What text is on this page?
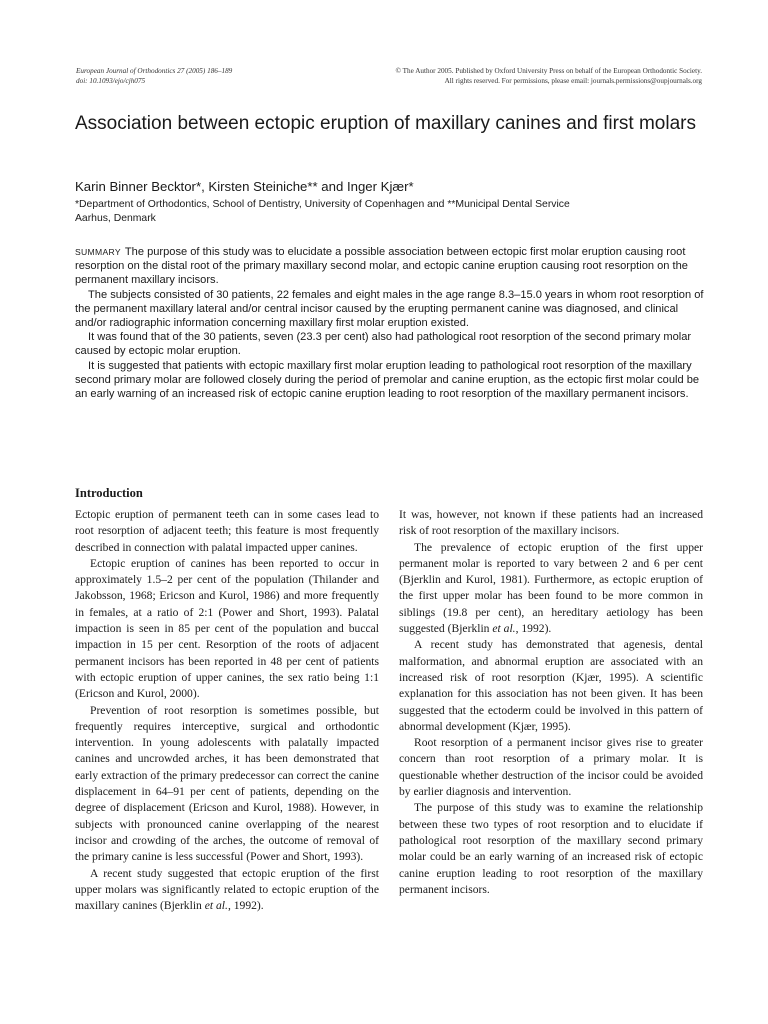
European Journal of Orthodontics 27 (2005) 186–189
doi: 10.1093/ejo/cjh075
© The Author 2005. Published by Oxford University Press on behalf of the European Orthodontic Society.
All rights reserved. For permissions, please email: journals.permissions@oupjournals.org
Association between ectopic eruption of maxillary canines and first molars

Karin Binner Becktor*, Kirsten Steiniche** and Inger Kjær*

*Department of Orthodontics, School of Dentistry, University of Copenhagen and **Municipal Dental Service
Aarhus, Denmark

SUMMARY The purpose of this study was to elucidate a possible association between ectopic first molar eruption causing root resorption on the distal root of the primary maxillary second molar, and ectopic canine eruption causing root resorption on the permanent maxillary incisors.

The subjects consisted of 30 patients, 22 females and eight males in the age range 8.3–15.0 years in whom root resorption of the permanent maxillary lateral and/or central incisor caused by the erupting permanent canine was diagnosed, and clinical and/or radiographic information concerning maxillary first molar eruption existed.

It was found that of the 30 patients, seven (23.3 per cent) also had pathological root resorption of the second primary molar caused by ectopic molar eruption.

It is suggested that patients with ectopic maxillary first molar eruption leading to pathological root resorption of the maxillary second primary molar are followed closely during the period of premolar and canine eruption, as the ectopic first molar could be an early warning of an increased risk of ectopic canine eruption leading to root resorption of the maxillary permanent incisors.

Introduction

Ectopic eruption of permanent teeth can in some cases lead to root resorption of adjacent teeth; this feature is most frequently described in connection with palatal impacted upper canines.

Ectopic eruption of canines has been reported to occur in approximately 1.5–2 per cent of the population (Thilander and Jakobsson, 1968; Ericson and Kurol, 1986) and more frequently in females, at a ratio of 2:1 (Power and Short, 1993). Palatal impaction is seen in 85 per cent of the population and buccal impaction in 15 per cent. Resorption of the roots of adjacent permanent incisors has been reported in 48 per cent of patients with ectopic eruption of upper canines, the sex ratio being 1:1 (Ericson and Kurol, 2000).

Prevention of root resorption is sometimes possible, but frequently requires interceptive, surgical and orthodontic intervention. In young adolescents with palatally impacted canines and uncrowded arches, it has been demonstrated that early extraction of the primary predecessor can correct the canine displacement in 64–91 per cent of patients, depending on the degree of displacement (Ericson and Kurol, 1988). However, in subjects with pronounced canine overlapping of the nearest incisor and crowding of the arches, the outcome of removal of the primary canine is less successful (Power and Short, 1993).

A recent study suggested that ectopic eruption of the first upper molars was significantly related to ectopic eruption of the maxillary canines (Bjerklin et al., 1992).

It was, however, not known if these patients had an increased risk of root resorption of the maxillary incisors.

The prevalence of ectopic eruption of the first upper permanent molar is reported to vary between 2 and 6 per cent (Bjerklin and Kurol, 1981). Furthermore, as ectopic eruption of the first upper molar has been found to be more common in siblings (19.8 per cent), an hereditary aetiology has been suggested (Bjerklin et al., 1992).

A recent study has demonstrated that agenesis, dental malformation, and abnormal eruption are associated with an increased risk of root resorption (Kjær, 1995). A scientific explanation for this association has not been given. It has been suggested that the ectoderm could be involved in this pattern of abnormal development (Kjær, 1995).

Root resorption of a permanent incisor gives rise to greater concern than root resorption of a primary molar. It is questionable whether destruction of the incisor could be avoided by earlier diagnosis and intervention.

The purpose of this study was to examine the relationship between these two types of root resorption and to elucidate if pathological root resorption of the maxillary second primary molar could be an early warning of an increased risk of ectopic canine eruption leading to root resorption of the maxillary permanent incisors.
